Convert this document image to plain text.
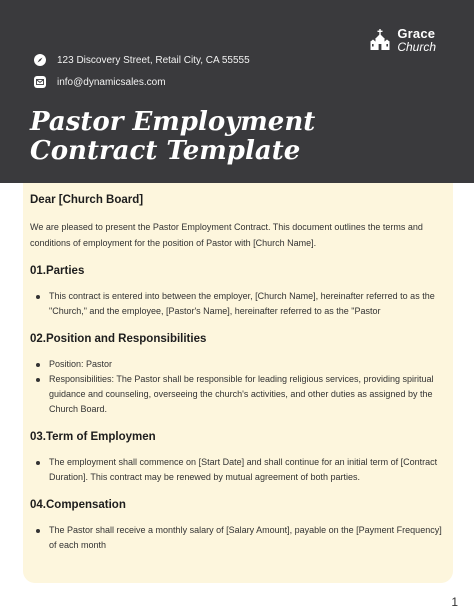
Grace
Church
123 Discovery Street, Retail City, CA 55555
info@dynamicsales.com
Pastor Employment
Contract Template
Dear [Church Board]

We are pleased to present the Pastor Employment Contract. This document outlines the terms and conditions of employment for the position of Pastor with [Church Name].

01.Parties
This contract is entered into between the employer, [Church Name], hereinafter referred to as the "Church," and the employee, [Pastor's Name], hereinafter referred to as the "Pastor
02.Position and Responsibilities
Position: Pastor
Responsibilities: The Pastor shall be responsible for leading religious services, providing spiritual guidance and counseling, overseeing the church's activities, and other duties as assigned by the Church Board.
03.Term of Employmen
The employment shall commence on [Start Date] and shall continue for an initial term of [Contract Duration]. This contract may be renewed by mutual agreement of both parties.
04.Compensation
The Pastor shall receive a monthly salary of [Salary Amount], payable on the [Payment Frequency] of each month
1
